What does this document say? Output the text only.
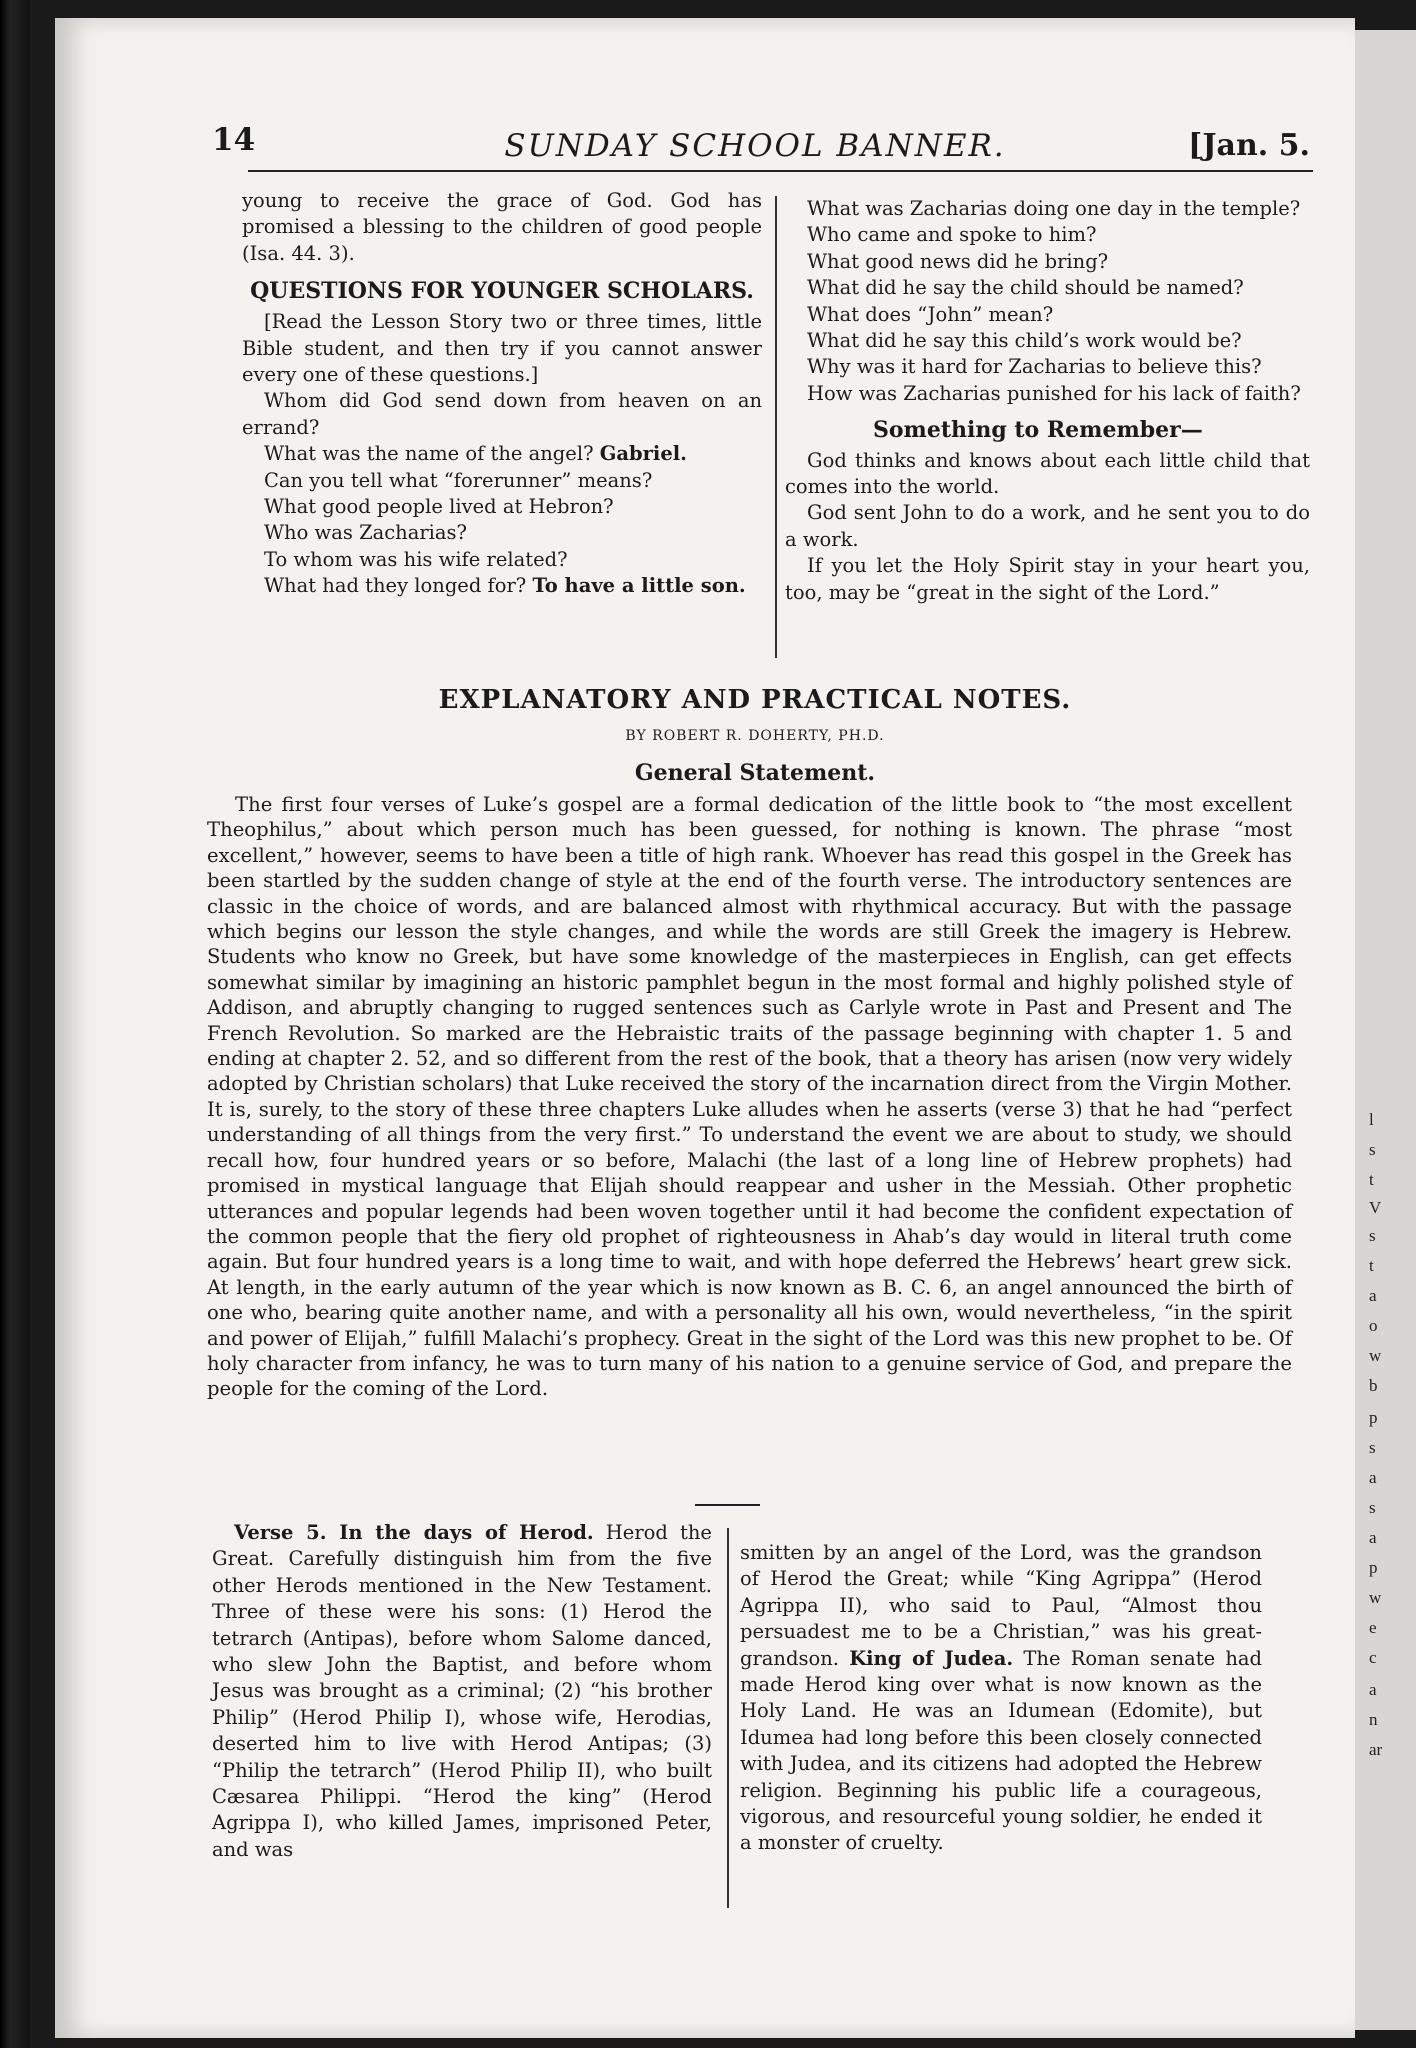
l
s
t
V
s
t
a
o
w
b
p
s
a
s
a
p
w
e
c
a
n
ar
14	SUNDAY SCHOOL BANNER.	[Jan. 5.

young to receive the grace of God. God has promised a blessing to the children of good people (Isa. 44. 3).

QUESTIONS FOR YOUNGER SCHOLARS.

[Read the Lesson Story two or three times, little Bible student, and then try if you cannot answer every one of these questions.]

Whom did God send down from heaven on an errand?

What was the name of the angel? Gabriel.

Can you tell what “forerunner” means?

What good people lived at Hebron?

Who was Zacharias?

To whom was his wife related?

What had they longed for? To have a little son.

What was Zacharias doing one day in the temple?

Who came and spoke to him?

What good news did he bring?

What did he say the child should be named?

What does “John” mean?

What did he say this child’s work would be?

Why was it hard for Zacharias to believe this?

How was Zacharias punished for his lack of faith?

Something to Remember—

God thinks and knows about each little child that comes into the world.

God sent John to do a work, and he sent you to do a work.

If you let the Holy Spirit stay in your heart you, too, may be “great in the sight of the Lord.”

EXPLANATORY AND PRACTICAL NOTES.
BY ROBERT R. DOHERTY, PH.D.
General Statement.

The first four verses of Luke’s gospel are a formal dedication of the little book to “the most excellent Theophilus,” about which person much has been guessed, for nothing is known. The phrase “most excellent,” however, seems to have been a title of high rank. Whoever has read this gospel in the Greek has been startled by the sudden change of style at the end of the fourth verse. The introductory sentences are classic in the choice of words, and are balanced almost with rhythmical accuracy. But with the passage which begins our lesson the style changes, and while the words are still Greek the imagery is Hebrew. Students who know no Greek, but have some knowledge of the masterpieces in English, can get effects somewhat similar by imagining an historic pamphlet begun in the most formal and highly polished style of Addison, and abruptly changing to rugged sentences such as Carlyle wrote in Past and Present and The French Revolution. So marked are the Hebraistic traits of the passage beginning with chapter 1. 5 and ending at chapter 2. 52, and so different from the rest of the book, that a theory has arisen (now very widely adopted by Christian scholars) that Luke received the story of the incarnation direct from the Virgin Mother. It is, surely, to the story of these three chapters Luke alludes when he asserts (verse 3) that he had “perfect understanding of all things from the very first.” To understand the event we are about to study, we should recall how, four hundred years or so before, Malachi (the last of a long line of Hebrew prophets) had promised in mystical language that Elijah should reappear and usher in the Messiah. Other prophetic utterances and popular legends had been woven together until it had become the confident expectation of the common people that the fiery old prophet of righteousness in Ahab’s day would in literal truth come again. But four hundred years is a long time to wait, and with hope deferred the Hebrews’ heart grew sick. At length, in the early autumn of the year which is now known as B. C. 6, an angel announced the birth of one who, bearing quite another name, and with a personality all his own, would nevertheless, “in the spirit and power of Elijah,” fulfill Malachi’s prophecy. Great in the sight of the Lord was this new prophet to be. Of holy character from infancy, he was to turn many of his nation to a genuine service of God, and prepare the people for the coming of the Lord.

Verse 5. In the days of Herod. Herod the Great. Carefully distinguish him from the five other Herods mentioned in the New Testament. Three of these were his sons: (1) Herod the tetrarch (Antipas), before whom Salome danced, who slew John the Baptist, and before whom Jesus was brought as a criminal; (2) “his brother Philip” (Herod Philip I), whose wife, Herodias, deserted him to live with Herod Antipas; (3) “Philip the tetrarch” (Herod Philip II), who built Cæsarea Philippi. “Herod the king” (Herod Agrippa I), who killed James, imprisoned Peter, and was

smitten by an angel of the Lord, was the grandson of Herod the Great; while “King Agrippa” (Herod Agrippa II), who said to Paul, “Almost thou persuadest me to be a Christian,” was his great-grandson. King of Judea. The Roman senate had made Herod king over what is now known as the Holy Land. He was an Idumean (Edomite), but Idumea had long before this been closely connected with Judea, and its citizens had adopted the Hebrew religion. Beginning his public life a courageous, vigorous, and resourceful young soldier, he ended it a monster of cruelty.
